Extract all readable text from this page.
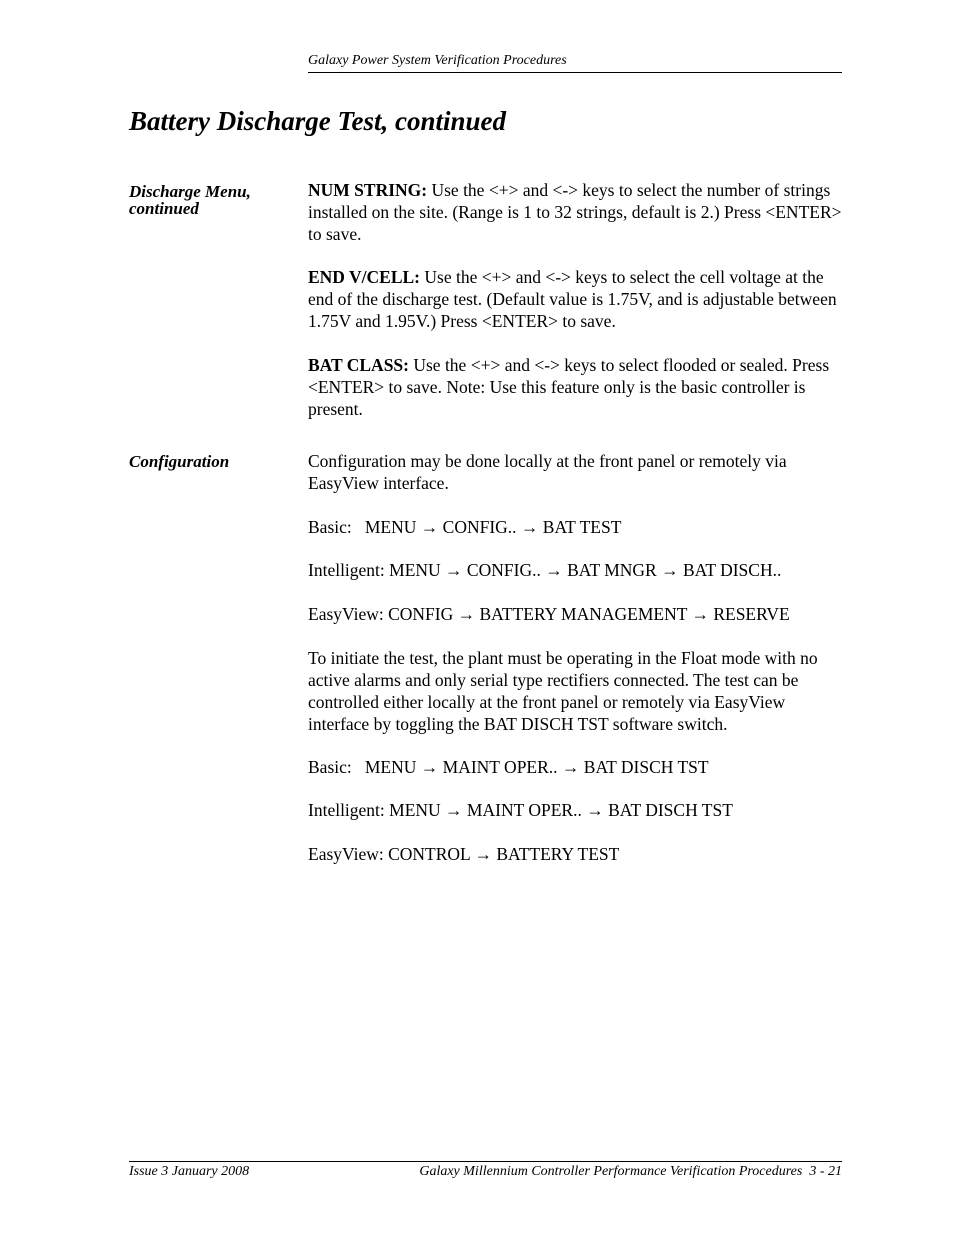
Galaxy Power System Verification Procedures
Battery Discharge Test, continued
Discharge Menu,
continued

NUM STRING: Use the <+> and <-> keys to select the number of strings installed on the site. (Range is 1 to 32 strings, default is 2.) Press <ENTER> to save.

END V/CELL: Use the <+> and <-> keys to select the cell voltage at the end of the discharge test. (Default value is 1.75V, and is adjustable between 1.75V and 1.95V.) Press <ENTER> to save.

BAT CLASS: Use the <+> and <-> keys to select flooded or sealed. Press <ENTER> to save. Note: Use this feature only is the basic controller is present.

Configuration	Configuration may be done locally at the front panel or remotely via EasyView interface.

Basic:   MENU → CONFIG.. → BAT TEST
Intelligent: MENU → CONFIG.. → BAT MNGR → BAT DISCH..
EasyView: CONFIG → BATTERY MANAGEMENT → RESERVE

To initiate the test, the plant must be operating in the Float mode with no active alarms and only serial type rectifiers connected. The test can be controlled either locally at the front panel or remotely via EasyView interface by toggling the BAT DISCH TST software switch.

Basic:   MENU → MAINT OPER.. → BAT DISCH TST
Intelligent: MENU → MAINT OPER.. → BAT DISCH TST
EasyView: CONTROL → BATTERY TEST
Issue 3 January 2008	Galaxy Millennium Controller Performance Verification Procedures  3 - 21
